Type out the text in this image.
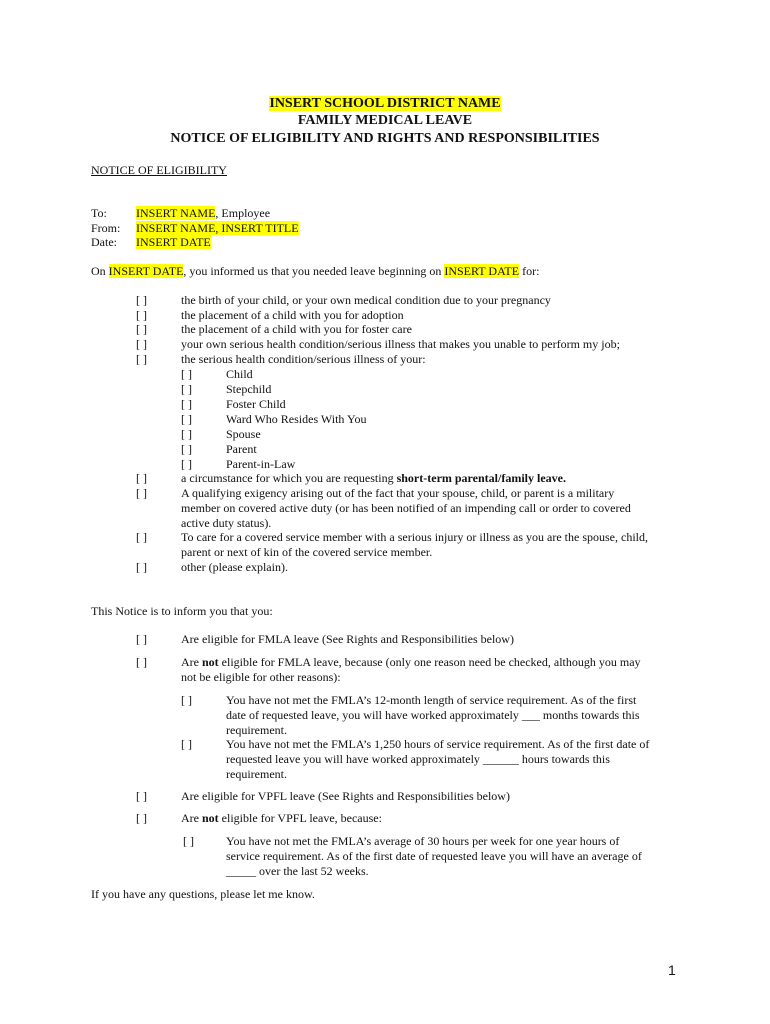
INSERT SCHOOL DISTRICT NAME
FAMILY MEDICAL LEAVE
NOTICE OF ELIGIBILITY AND RIGHTS AND RESPONSIBILITIES
NOTICE OF ELIGIBILITY
To: INSERT NAME, Employee
From: INSERT NAME, INSERT TITLE
Date: INSERT DATE
On INSERT DATE, you informed us that you needed leave beginning on INSERT DATE for:
[ ]	the birth of your child, or your own medical condition due to your pregnancy
[ ]	the placement of a child with you for adoption
[ ]	the placement of a child with you for foster care
[ ]	your own serious health condition/serious illness that makes you unable to perform my job;
[ ]	the serious health condition/serious illness of your:
[ ]	Child
[ ]	Stepchild
[ ]	Foster Child
[ ]	Ward Who Resides With You
[ ]	Spouse
[ ]	Parent
[ ]	Parent-in-Law
[ ]	a circumstance for which you are requesting short-term parental/family leave.
[ ]	A qualifying exigency arising out of the fact that your spouse, child, or parent is a military
member on covered active duty (or has been notified of an impending call or order to covered
active duty status).
[ ]	To care for a covered service member with a serious injury or illness as you are the spouse, child,
parent or next of kin of the covered service member.
[ ]	other (please explain).
This Notice is to inform you that you:
[ ]	Are eligible for FMLA leave (See Rights and Responsibilities below)
[ ]	Are not eligible for FMLA leave, because (only one reason need be checked, although you may
not be eligible for other reasons):
[ ]	You have not met the FMLA’s 12-month length of service requirement. As of the first
date of requested leave, you will have worked approximately ___ months towards this
requirement.
[ ]	You have not met the FMLA’s 1,250 hours of service requirement. As of the first date of
requested leave you will have worked approximately ______ hours towards this
requirement.
[ ]	Are eligible for VPFL leave (See Rights and Responsibilities below)
[ ]	Are not eligible for VPFL leave, because:
[ ]	You have not met the FMLA’s average of 30 hours per week for one year hours of
service requirement. As of the first date of requested leave you will have an average of
_____ over the last 52 weeks.
If you have any questions, please let me know.
1
